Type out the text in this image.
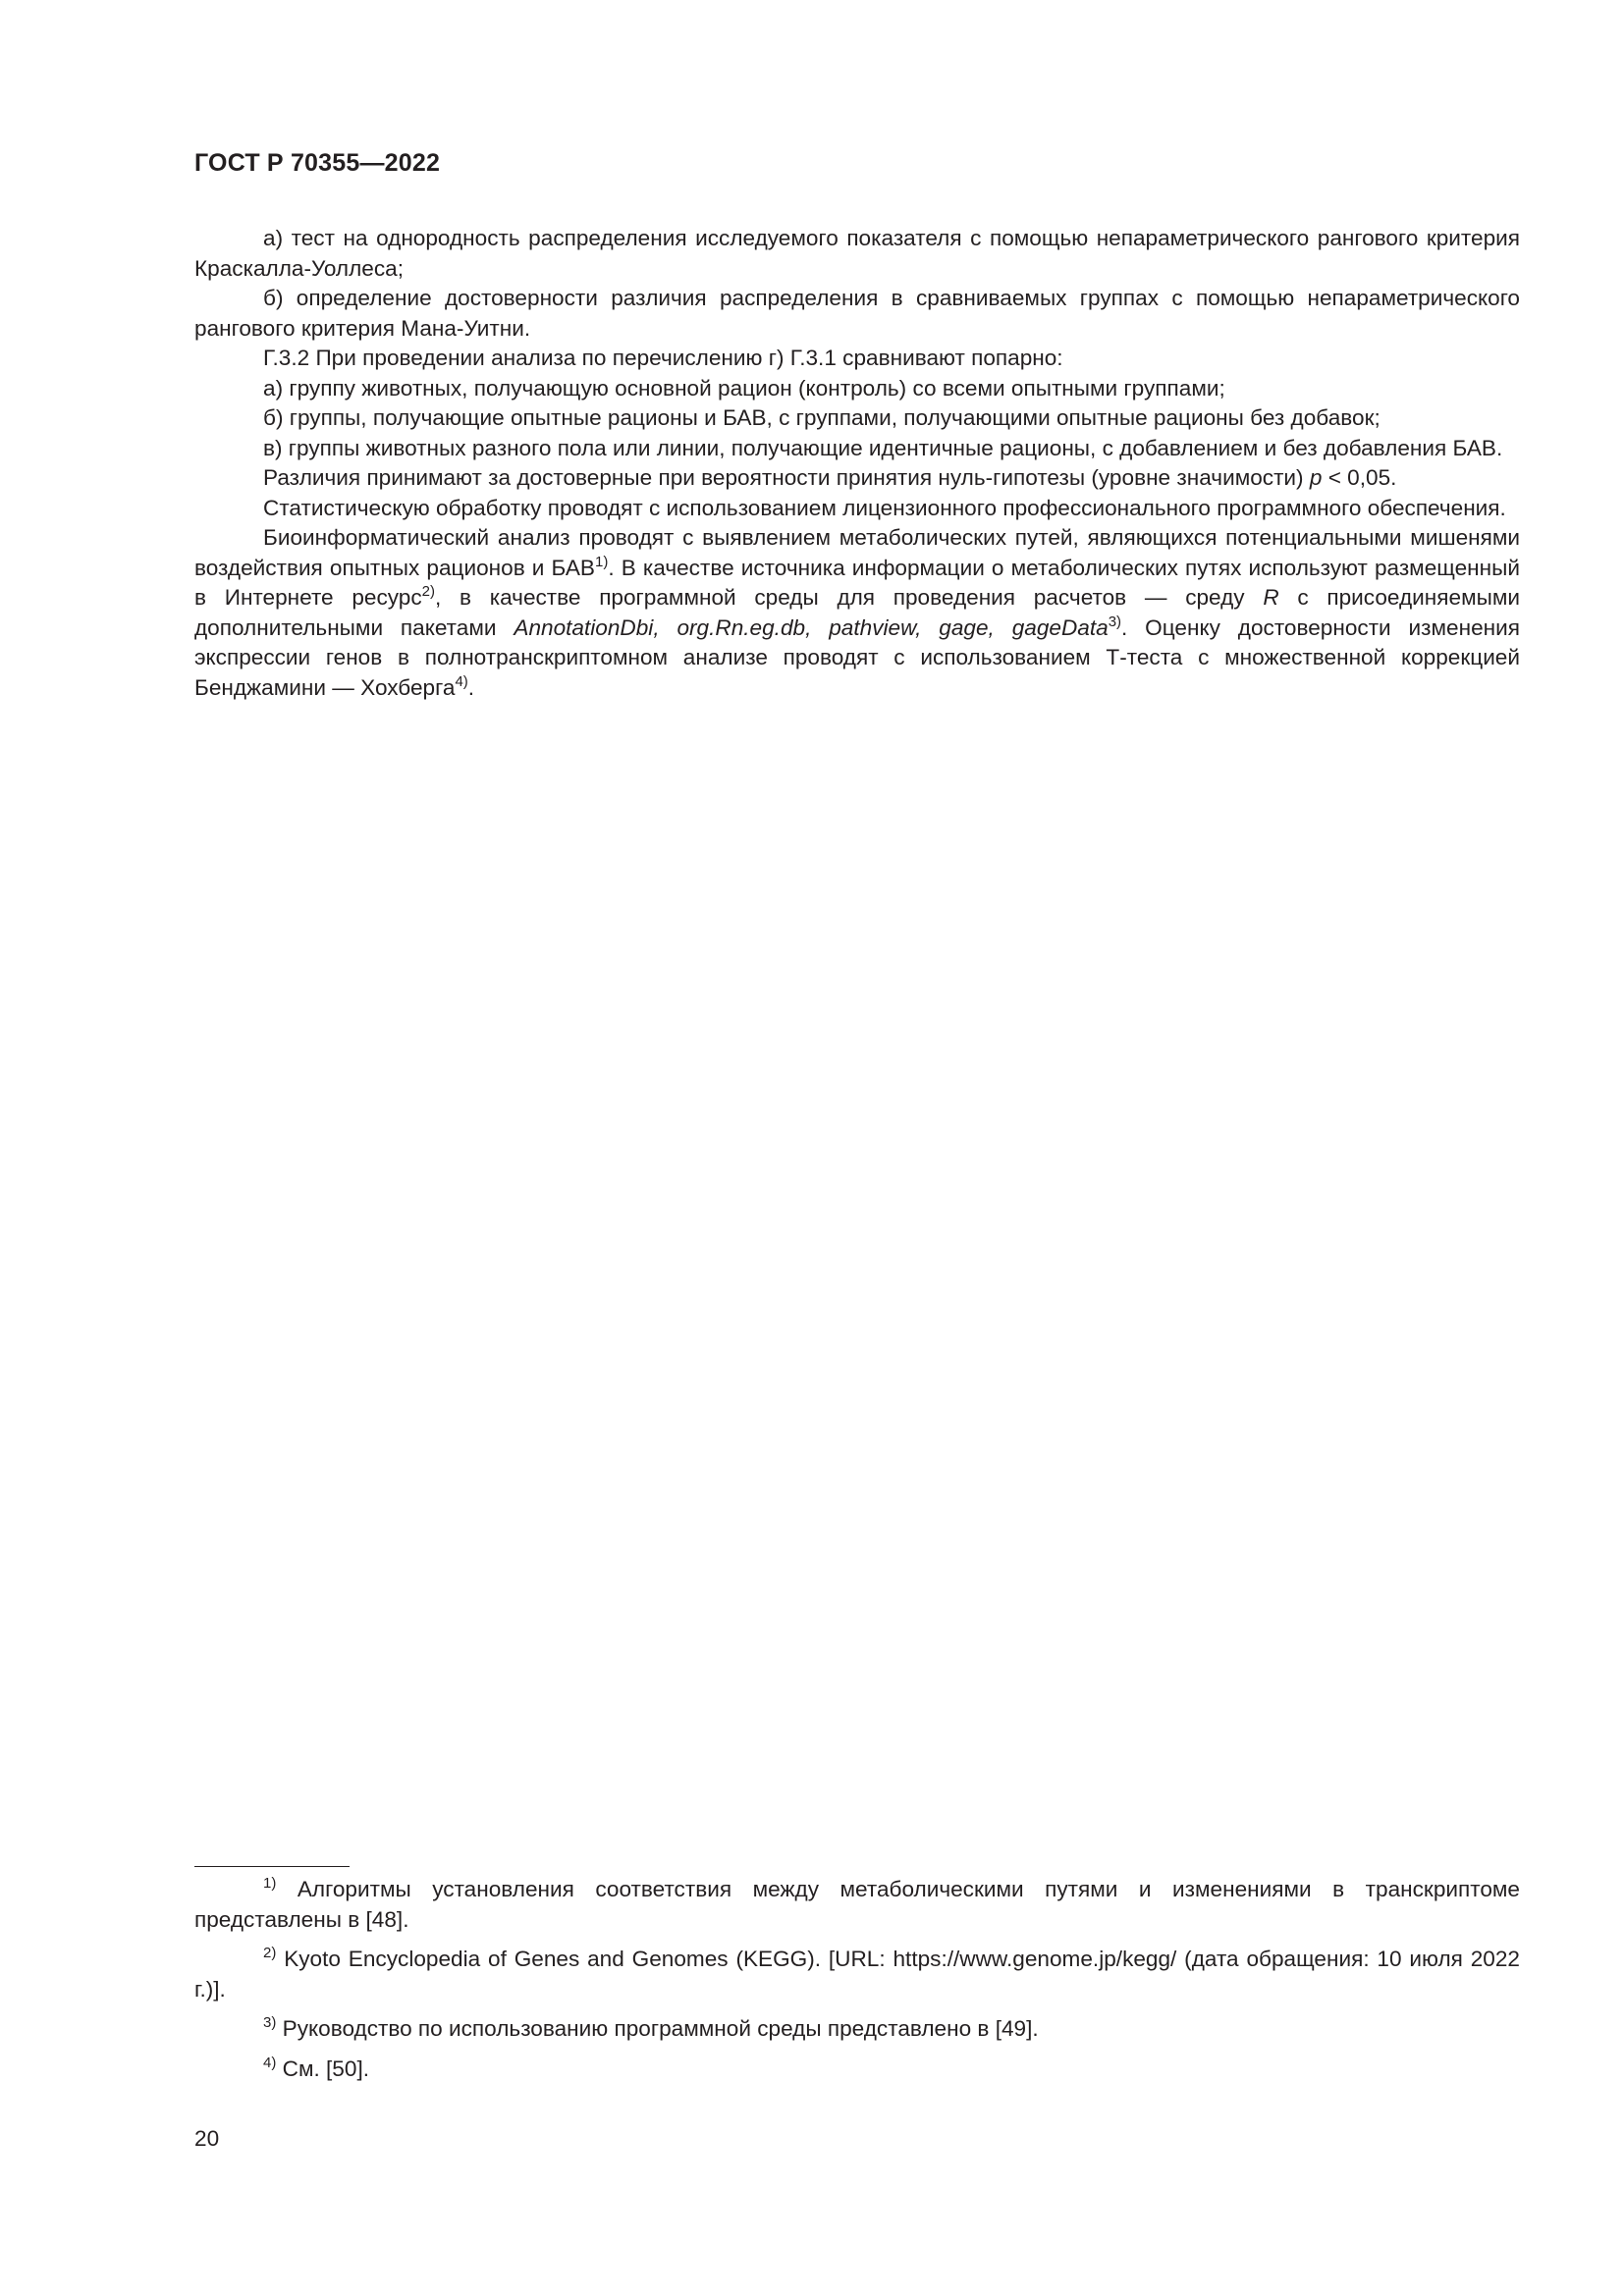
ГОСТ Р 70355—2022

а) тест на однородность распределения исследуемого показателя с помощью непараметрического рангового критерия Краскалла-Уоллеса;

б) определение достоверности различия распределения в сравниваемых группах с помощью непараметрического рангового критерия Мана-Уитни.

Г.3.2 При проведении анализа по перечислению г) Г.3.1 сравнивают попарно:

а) группу животных, получающую основной рацион (контроль) со всеми опытными группами;

б) группы, получающие опытные рационы и БАВ, с группами, получающими опытные рационы без добавок;

в) группы животных разного пола или линии, получающие идентичные рационы, с добавлением и без добавления БАВ.

Различия принимают за достоверные при вероятности принятия нуль-гипотезы (уровне значимости) p < 0,05.

Статистическую обработку проводят с использованием лицензионного профессионального программного обеспечения.

Биоинформатический анализ проводят с выявлением метаболических путей, являющихся потенциальными мишенями воздействия опытных рационов и БАВ$^{1)}$. В качестве источника информации о метаболических путях используют размещенный в Интернете ресурс$^{2)}$, в качестве программной среды для проведения расчетов — среду R с присоединяемыми дополнительными пакетами AnnotationDbi, org.Rn.eg.db, pathview, gage, gageData$^{3)}$. Оценку достоверности изменения экспрессии генов в полнотранскриптомном анализе проводят с использованием Т-теста с множественной коррекцией Бенджамини — Хохберга$^{4)}$.

$^{1)}$ Алгоритмы установления соответствия между метаболическими путями и изменениями в транскриптоме представлены в [48].

$^{2)}$ Kyoto Encyclopedia of Genes and Genomes (KEGG). [URL: https://www.genome.jp/kegg/ (дата обращения: 10 июля 2022 г.)].

$^{3)}$ Руководство по использованию программной среды представлено в [49].

$^{4)}$ См. [50].

20
